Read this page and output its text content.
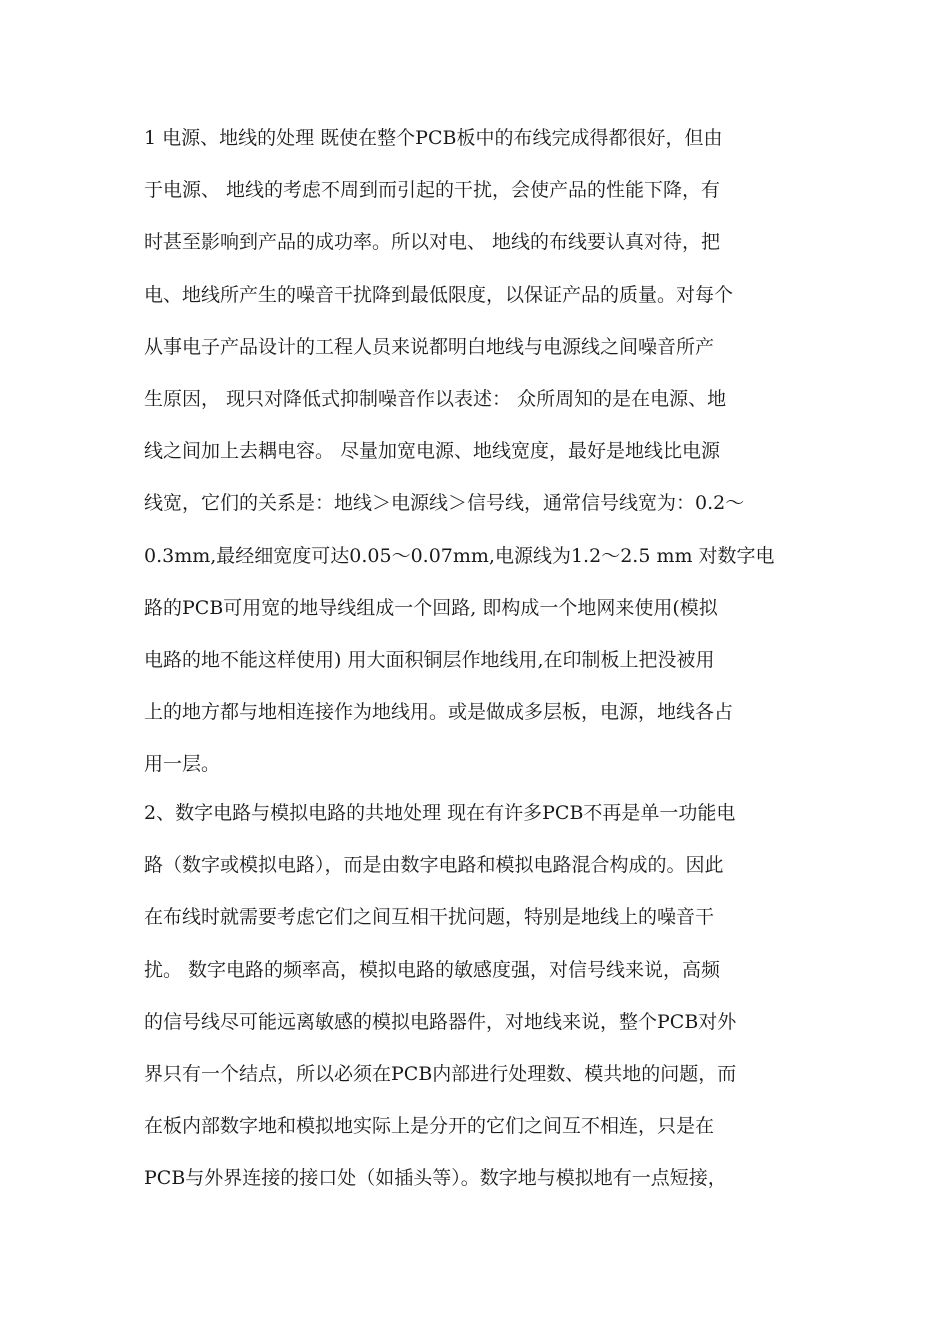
1 电源、地线的处理 既使在整个PCB板中的布线完成得都很好，但由
于电源、 地线的考虑不周到而引起的干扰，会使产品的性能下降，有
时甚至影响到产品的成功率。所以对电、 地线的布线要认真对待，把
电、地线所产生的噪音干扰降到最低限度，以保证产品的质量。对每个
从事电子产品设计的工程人员来说都明白地线与电源线之间噪音所产
生原因， 现只对降低式抑制噪音作以表述： 众所周知的是在电源、地
线之间加上去耦电容。 尽量加宽电源、地线宽度，最好是地线比电源
线宽，它们的关系是：地线＞电源线＞信号线，通常信号线宽为：0.2～
0.3mm,最经细宽度可达0.05～0.07mm,电源线为1.2～2.5 mm 对数字电
路的PCB可用宽的地导线组成一个回路, 即构成一个地网来使用(模拟
电路的地不能这样使用) 用大面积铜层作地线用,在印制板上把没被用
上的地方都与地相连接作为地线用。或是做成多层板，电源，地线各占
用一层。
2、数字电路与模拟电路的共地处理 现在有许多PCB不再是单一功能电
路（数字或模拟电路），而是由数字电路和模拟电路混合构成的。因此
在布线时就需要考虑它们之间互相干扰问题，特别是地线上的噪音干
扰。 数字电路的频率高，模拟电路的敏感度强，对信号线来说，高频
的信号线尽可能远离敏感的模拟电路器件，对地线来说，整个PCB对外
界只有一个结点，所以必须在PCB内部进行处理数、模共地的问题，而
在板内部数字地和模拟地实际上是分开的它们之间互不相连，只是在
PCB与外界连接的接口处（如插头等）。数字地与模拟地有一点短接，
